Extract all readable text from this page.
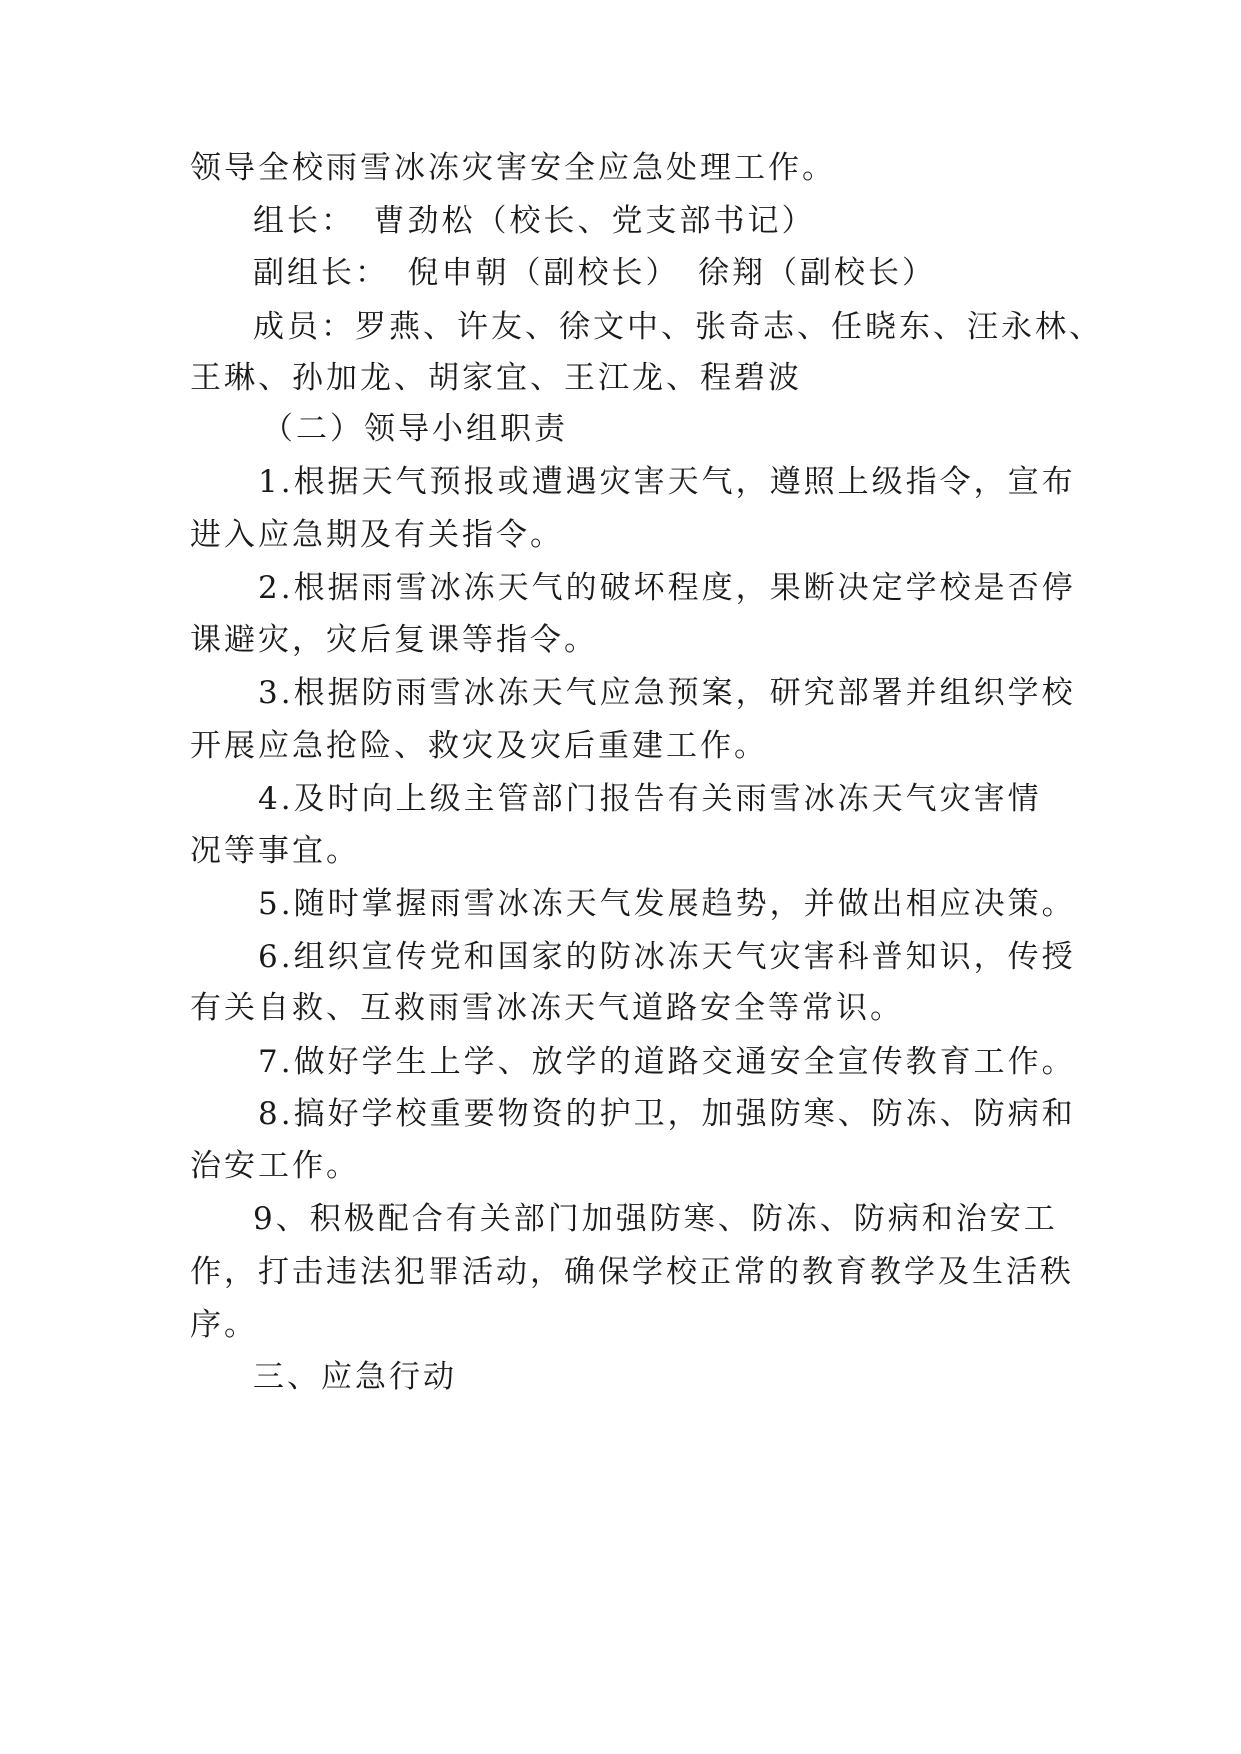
领导全校雨雪冰冻灾害安全应急处理工作。
组长：　曹劲松（校长、党支部书记）
副组长：　倪申朝（副校长）　徐翔（副校长）
成员：罗燕、许友、徐文中、张奇志、任晓东、汪永林、
王琳、孙加龙、胡家宜、王江龙、程碧波
（二）领导小组职责
1.根据天气预报或遭遇灾害天气，遵照上级指令，宣布
进入应急期及有关指令。
2.根据雨雪冰冻天气的破坏程度，果断决定学校是否停
课避灾，灾后复课等指令。
3.根据防雨雪冰冻天气应急预案，研究部署并组织学校
开展应急抢险、救灾及灾后重建工作。
4.及时向上级主管部门报告有关雨雪冰冻天气灾害情
况等事宜。
5.随时掌握雨雪冰冻天气发展趋势，并做出相应决策。
6.组织宣传党和国家的防冰冻天气灾害科普知识，传授
有关自救、互救雨雪冰冻天气道路安全等常识。
7.做好学生上学、放学的道路交通安全宣传教育工作。
8.搞好学校重要物资的护卫，加强防寒、防冻、防病和
治安工作。
9、积极配合有关部门加强防寒、防冻、防病和治安工
作，打击违法犯罪活动，确保学校正常的教育教学及生活秩
序。
三、应急行动
